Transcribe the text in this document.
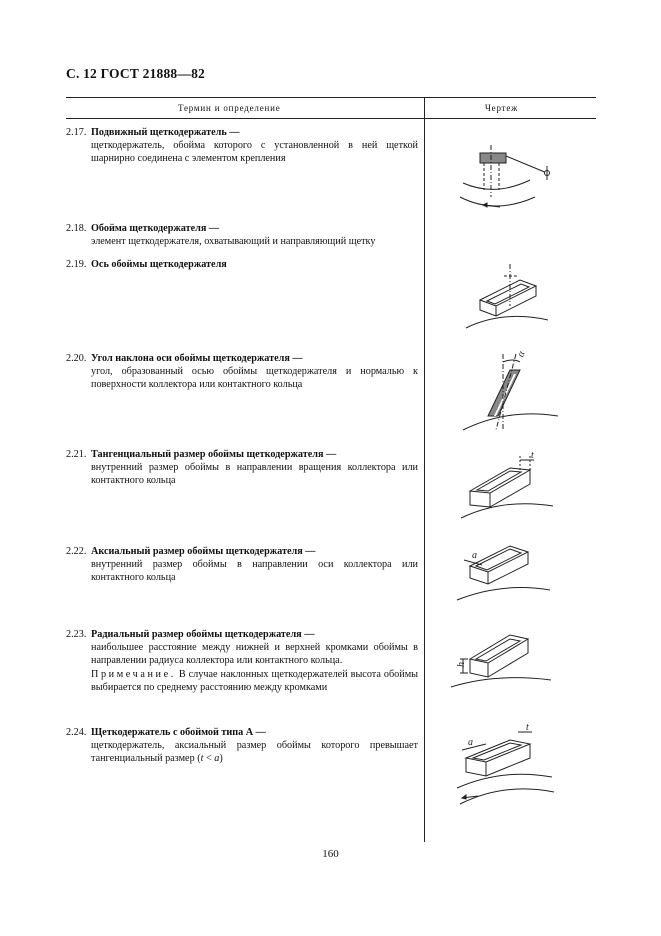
С. 12 ГОСТ 21888—82
Термин и определение	Чертеж
2.17. Подвижный щеткодержатель —
щеткодержатель, обойма которого с установленной в ней щеткой шарнирно соединена с элементом крепления
2.18. Обойма щеткодержателя —
элемент щеткодержателя, охватывающий и направляющий щетку
2.19. Ось обоймы щеткодержателя
2.20. Угол наклона оси обоймы щеткодержателя —
угол, образованный осью обоймы щеткодержателя и нормалью к поверхности коллектора или контактного кольца
2.21. Тангенциальный размер обоймы щеткодержателя —
внутренний размер обоймы в направлении вращения коллектора или контактного кольца
2.22. Аксиальный размер обоймы щеткодержателя —
внутренний размер обоймы в направлении оси коллектора или контактного кольца
2.23. Радиальный размер обоймы щеткодержателя —
наибольшее расстояние между нижней и верхней кромками обоймы в направлении радиуса коллектора или контактного кольца.
Примечание. В случае наклонных щеткодержателей высота обоймы выбирается по среднему расстоянию между кромками
2.24. Щеткодержатель с обоймой типа А —
щеткодержатель, аксиальный размер обоймы которого превышает тангенциальный размер (t < a)
α
t
a
h
t
a
160
